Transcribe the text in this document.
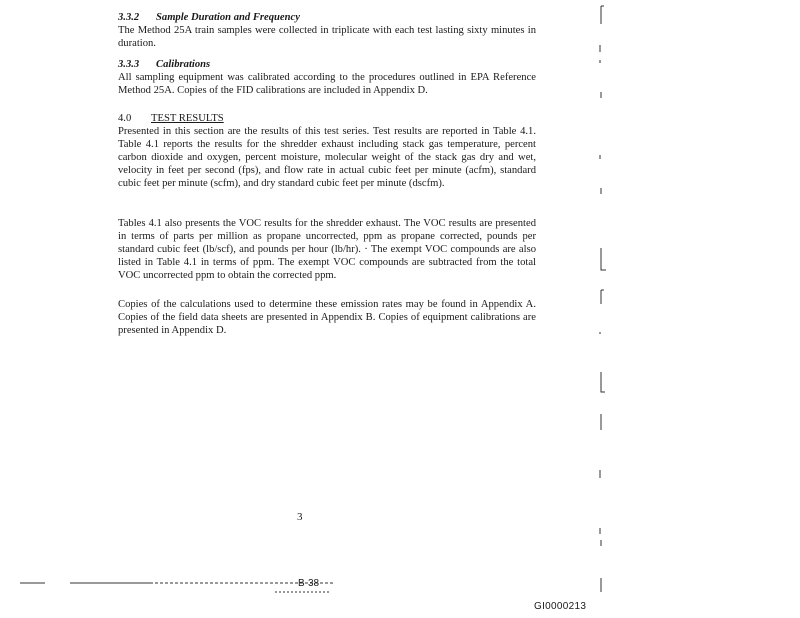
3.3.2 Sample Duration and Frequency
The Method 25A train samples were collected in triplicate with each test lasting sixty minutes in duration.
3.3.3 Calibrations
All sampling equipment was calibrated according to the procedures outlined in EPA Reference Method 25A. Copies of the FID calibrations are included in Appendix D.
4.0 TEST RESULTS
Presented in this section are the results of this test series. Test results are reported in Table 4.1. Table 4.1 reports the results for the shredder exhaust including stack gas temperature, percent carbon dioxide and oxygen, percent moisture, molecular weight of the stack gas dry and wet, velocity in feet per second (fps), and flow rate in actual cubic feet per minute (acfm), standard cubic feet per minute (scfm), and dry standard cubic feet per minute (dscfm).
Tables 4.1 also presents the VOC results for the shredder exhaust. The VOC results are presented in terms of parts per million as propane uncorrected, ppm as propane corrected, pounds per standard cubic feet (lb/scf), and pounds per hour (lb/hr). · The exempt VOC compounds are also listed in Table 4.1 in terms of ppm. The exempt VOC compounds are subtracted from the total VOC uncorrected ppm to obtain the corrected ppm.
Copies of the calculations used to determine these emission rates may be found in Appendix A. Copies of the field data sheets are presented in Appendix B. Copies of equipment calibrations are presented in Appendix D.
3
B-38
GI0000213
